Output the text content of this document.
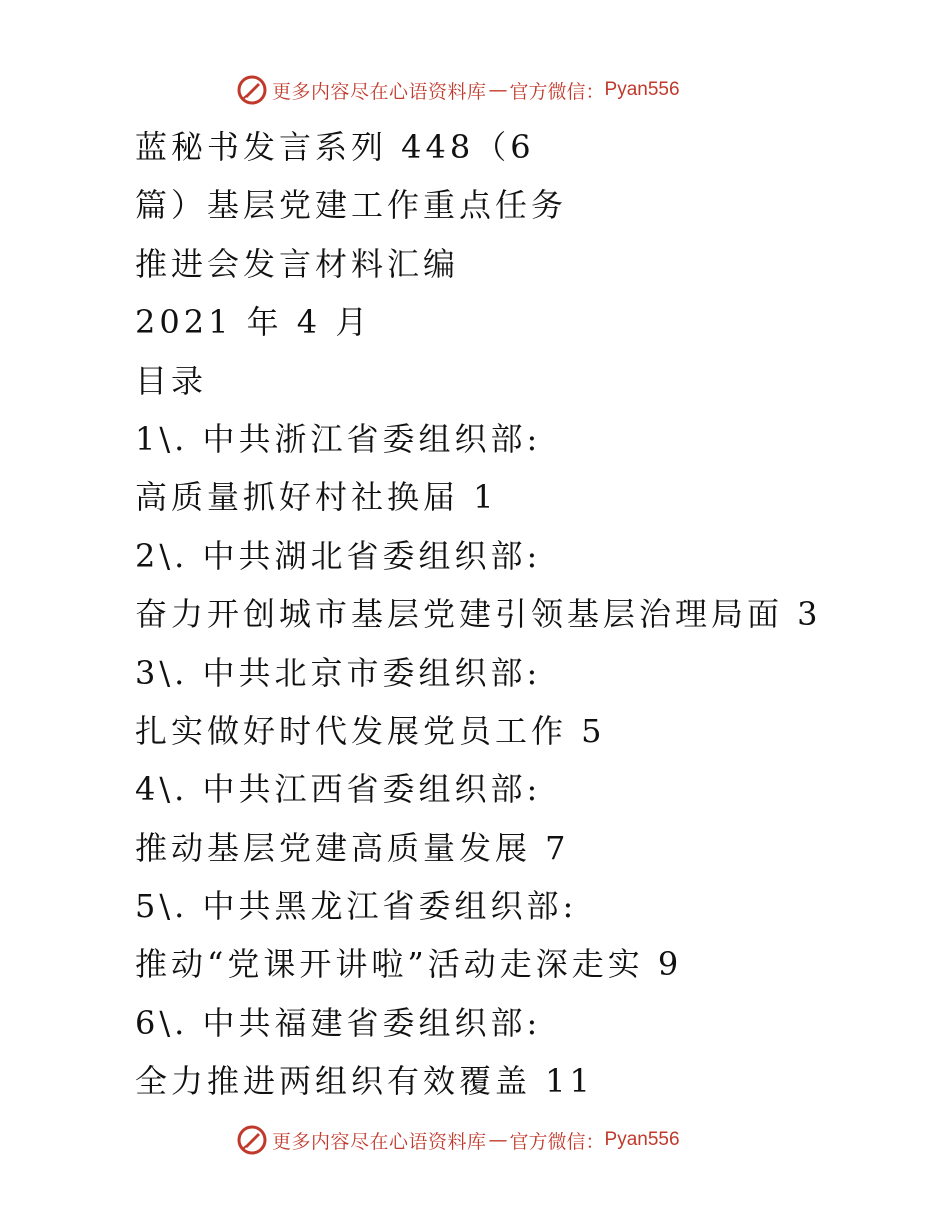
更多内容尽在心语资料库 — 官方微信： Pyan556
蓝秘书发言系列 448（6
篇）基层党建工作重点任务
推进会发言材料汇编
2021 年 4 月
目录
1\. 中共浙江省委组织部:
高质量抓好村社换届 1
2\. 中共湖北省委组织部:
奋力开创城市基层党建引领基层治理局面 3
3\. 中共北京市委组织部:
扎实做好时代发展党员工作 5
4\. 中共江西省委组织部:
推动基层党建高质量发展 7
5\. 中共黑龙江省委组织部:
推动“党课开讲啦”活动走深走实 9
6\. 中共福建省委组织部:
全力推进两组织有效覆盖 11
更多内容尽在心语资料库 — 官方微信： Pyan556
